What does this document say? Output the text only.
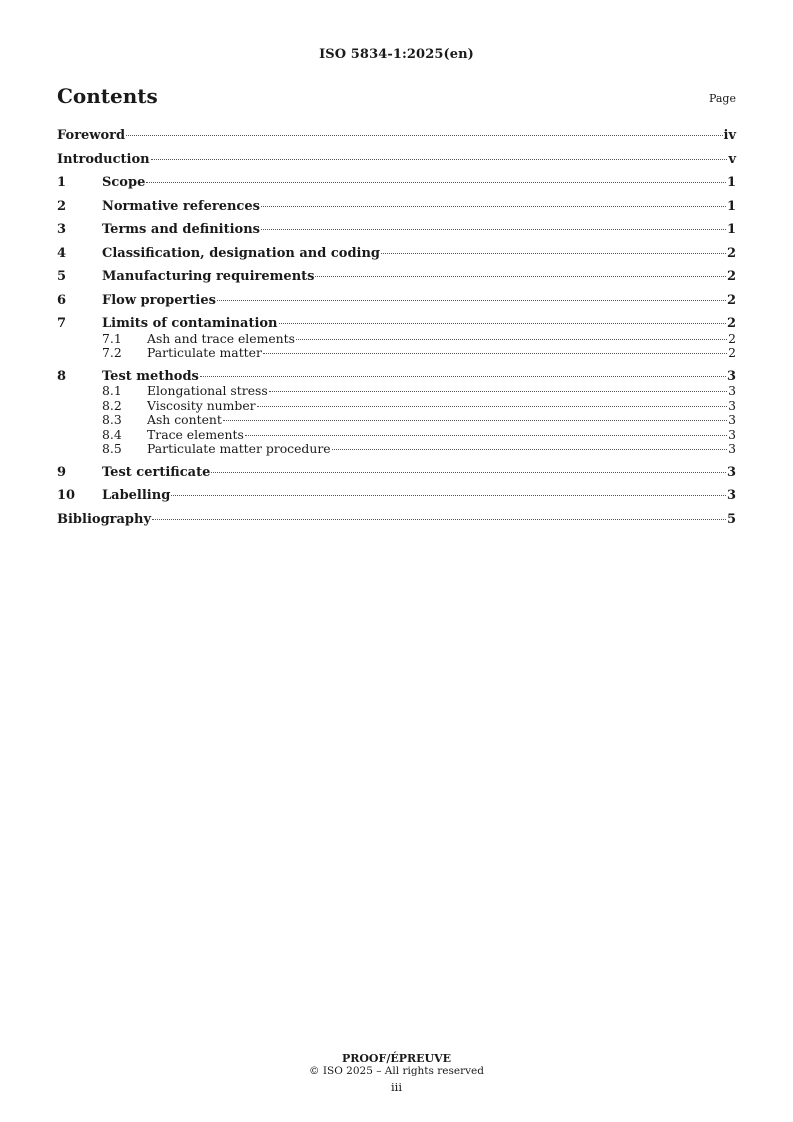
ISO 5834-1:2025(en)
Contents	Page
Foreword	iv
Introduction	v
1	Scope	1
2	Normative references	1
3	Terms and definitions	1
4	Classification, designation and coding	2
5	Manufacturing requirements	2
6	Flow properties	2
7	Limits of contamination	2
7.1	Ash and trace elements	2
7.2	Particulate matter	2
8	Test methods	3
8.1	Elongational stress	3
8.2	Viscosity number	3
8.3	Ash content	3
8.4	Trace elements	3
8.5	Particulate matter procedure	3
9	Test certificate	3
10	Labelling	3
Bibliography	5
PROOF/ÉPREUVE
© ISO 2025 – All rights reserved
iii
